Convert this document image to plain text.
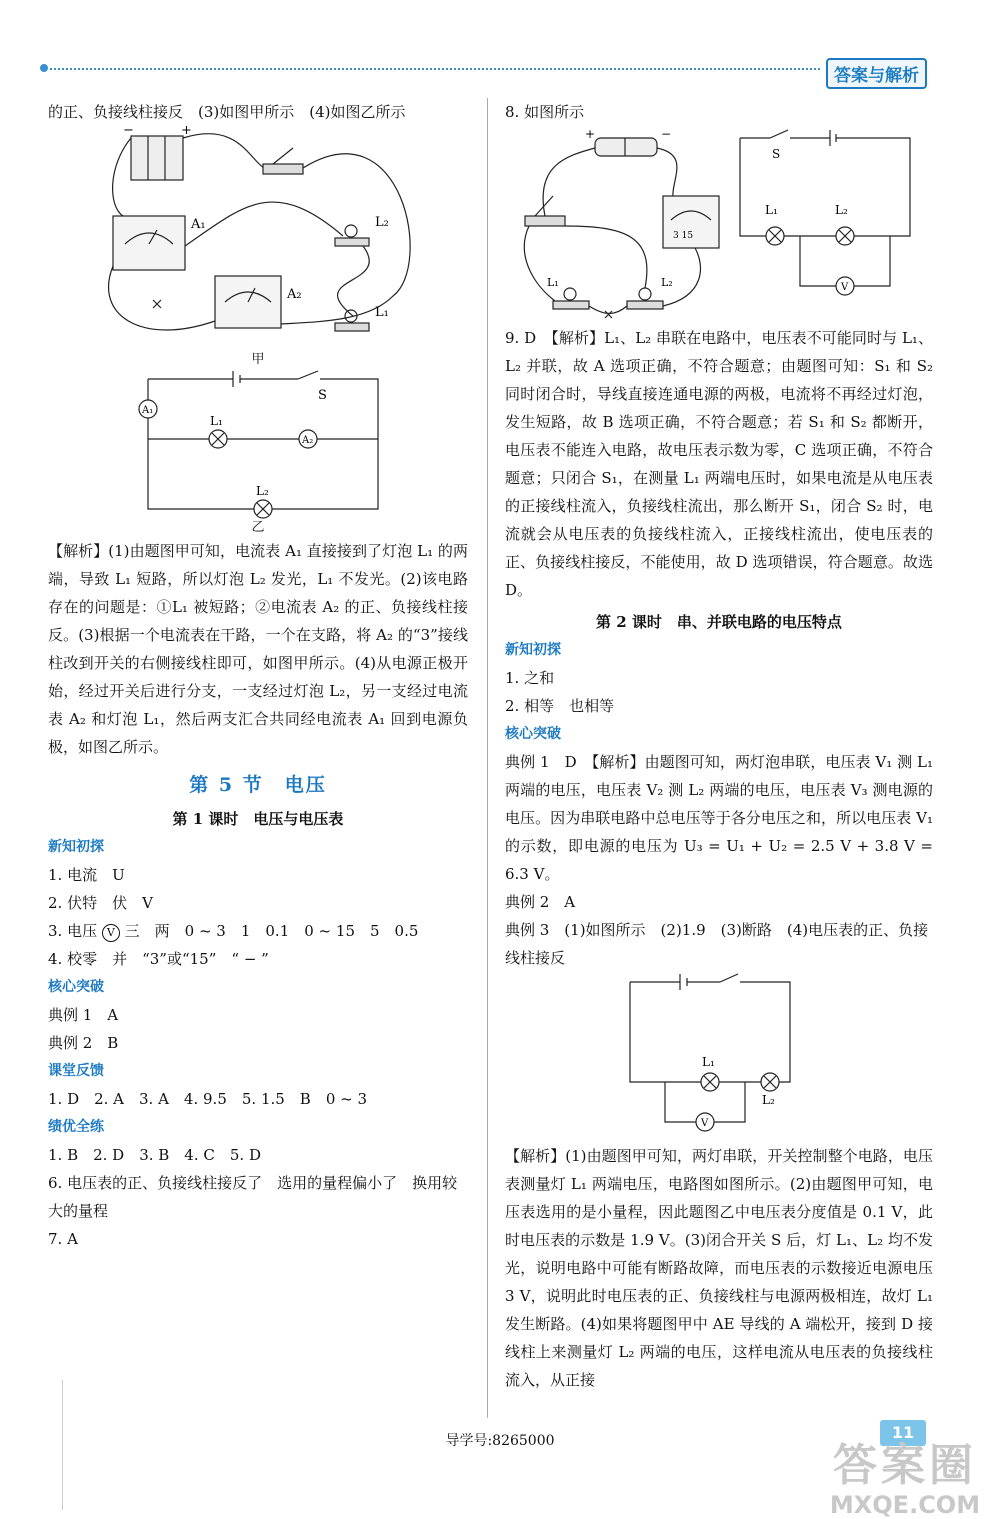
答案与解析

的正、负接线柱接反　(3)如图甲所示　(4)如图乙所示

+
−
A₁
A₂
L₂
L₁
甲
A₁
A₂
S
L₁
L₂
乙

【解析】(1)由题图甲可知，电流表 A₁ 直接接到了灯泡 L₁ 的两端，导致 L₁ 短路，所以灯泡 L₂ 发光，L₁ 不发光。(2)该电路存在的问题是：①L₁ 被短路；②电流表 A₂ 的正、负接线柱接反。(3)根据一个电流表在干路，一个在支路，将 A₂ 的“3”接线柱改到开关的右侧接线柱即可，如图甲所示。(4)从电源正极开始，经过开关后进行分支，一支经过灯泡 L₂，另一支经过电流表 A₂ 和灯泡 L₁，然后两支汇合共同经电流表 A₁ 回到电源负极，如图乙所示。

第 5 节　电压
第 1 课时　电压与电压表
新知初探

1. 电流　U

2. 伏特　伏　V

3. 电压 V 三　两　0 ~ 3　1　0.1　0 ~ 15　5　0.5

4. 校零　并　“3”或“15”　“ − ”

核心突破

典例 1　A

典例 2　B

课堂反馈

1. D　2. A　3. A　4. 9.5　5. 1.5　B　0 ~ 3

绩优全练

1. B　2. D　3. B　4. C　5. D

6. 电压表的正、负接线柱接反了　选用的量程偏小了　换用较大的量程

7. A

8. 如图所示

+	−
3 15
L₁	L₂
S
L₁	L₂
V

9. D　【解析】L₁、L₂ 串联在电路中，电压表不可能同时与 L₁、L₂ 并联，故 A 选项正确，不符合题意；由题图可知：S₁ 和 S₂ 同时闭合时，导线直接连通电源的两极，电流将不再经过灯泡，发生短路，故 B 选项正确，不符合题意；若 S₁ 和 S₂ 都断开，电压表不能连入电路，故电压表示数为零，C 选项正确，不符合题意；只闭合 S₁，在测量 L₁ 两端电压时，如果电流是从电压表的正接线柱流入，负接线柱流出，那么断开 S₁，闭合 S₂ 时，电流就会从电压表的负接线柱流入，正接线柱流出，使电压表的正、负接线柱接反，不能使用，故 D 选项错误，符合题意。故选 D。

第 2 课时　串、并联电路的电压特点
新知初探

1. 之和

2. 相等　也相等

核心突破

典例 1　D　【解析】由题图可知，两灯泡串联，电压表 V₁ 测 L₁ 两端的电压，电压表 V₂ 测 L₂ 两端的电压，电压表 V₃ 测电源的电压。因为串联电路中总电压等于各分电压之和，所以电压表 V₁ 的示数，即电源的电压为 U₃ = U₁ + U₂ = 2.5 V + 3.8 V = 6.3 V。

典例 2　A

典例 3　(1)如图所示　(2)1.9　(3)断路　(4)电压表的正、负接线柱接反

L₁
L₂
V

【解析】(1)由题图甲可知，两灯串联，开关控制整个电路，电压表测量灯 L₁ 两端电压，电路图如图所示。(2)由题图甲可知，电压表选用的是小量程，因此题图乙中电压表分度值是 0.1 V，此时电压表的示数是 1.9 V。(3)闭合开关 S 后，灯 L₁、L₂ 均不发光，说明电路中可能有断路故障，而电压表的示数接近电源电压 3 V，说明此时电压表的正、负接线柱与电源两极相连，故灯 L₁ 发生断路。(4)如果将题图甲中 AE 导线的 A 端松开，接到 D 接线柱上来测量灯 L₂ 两端的电压，这样电流从电压表的负接线柱流入，从正接

导学号:8265000	11
答案圈
MXQE.COM
